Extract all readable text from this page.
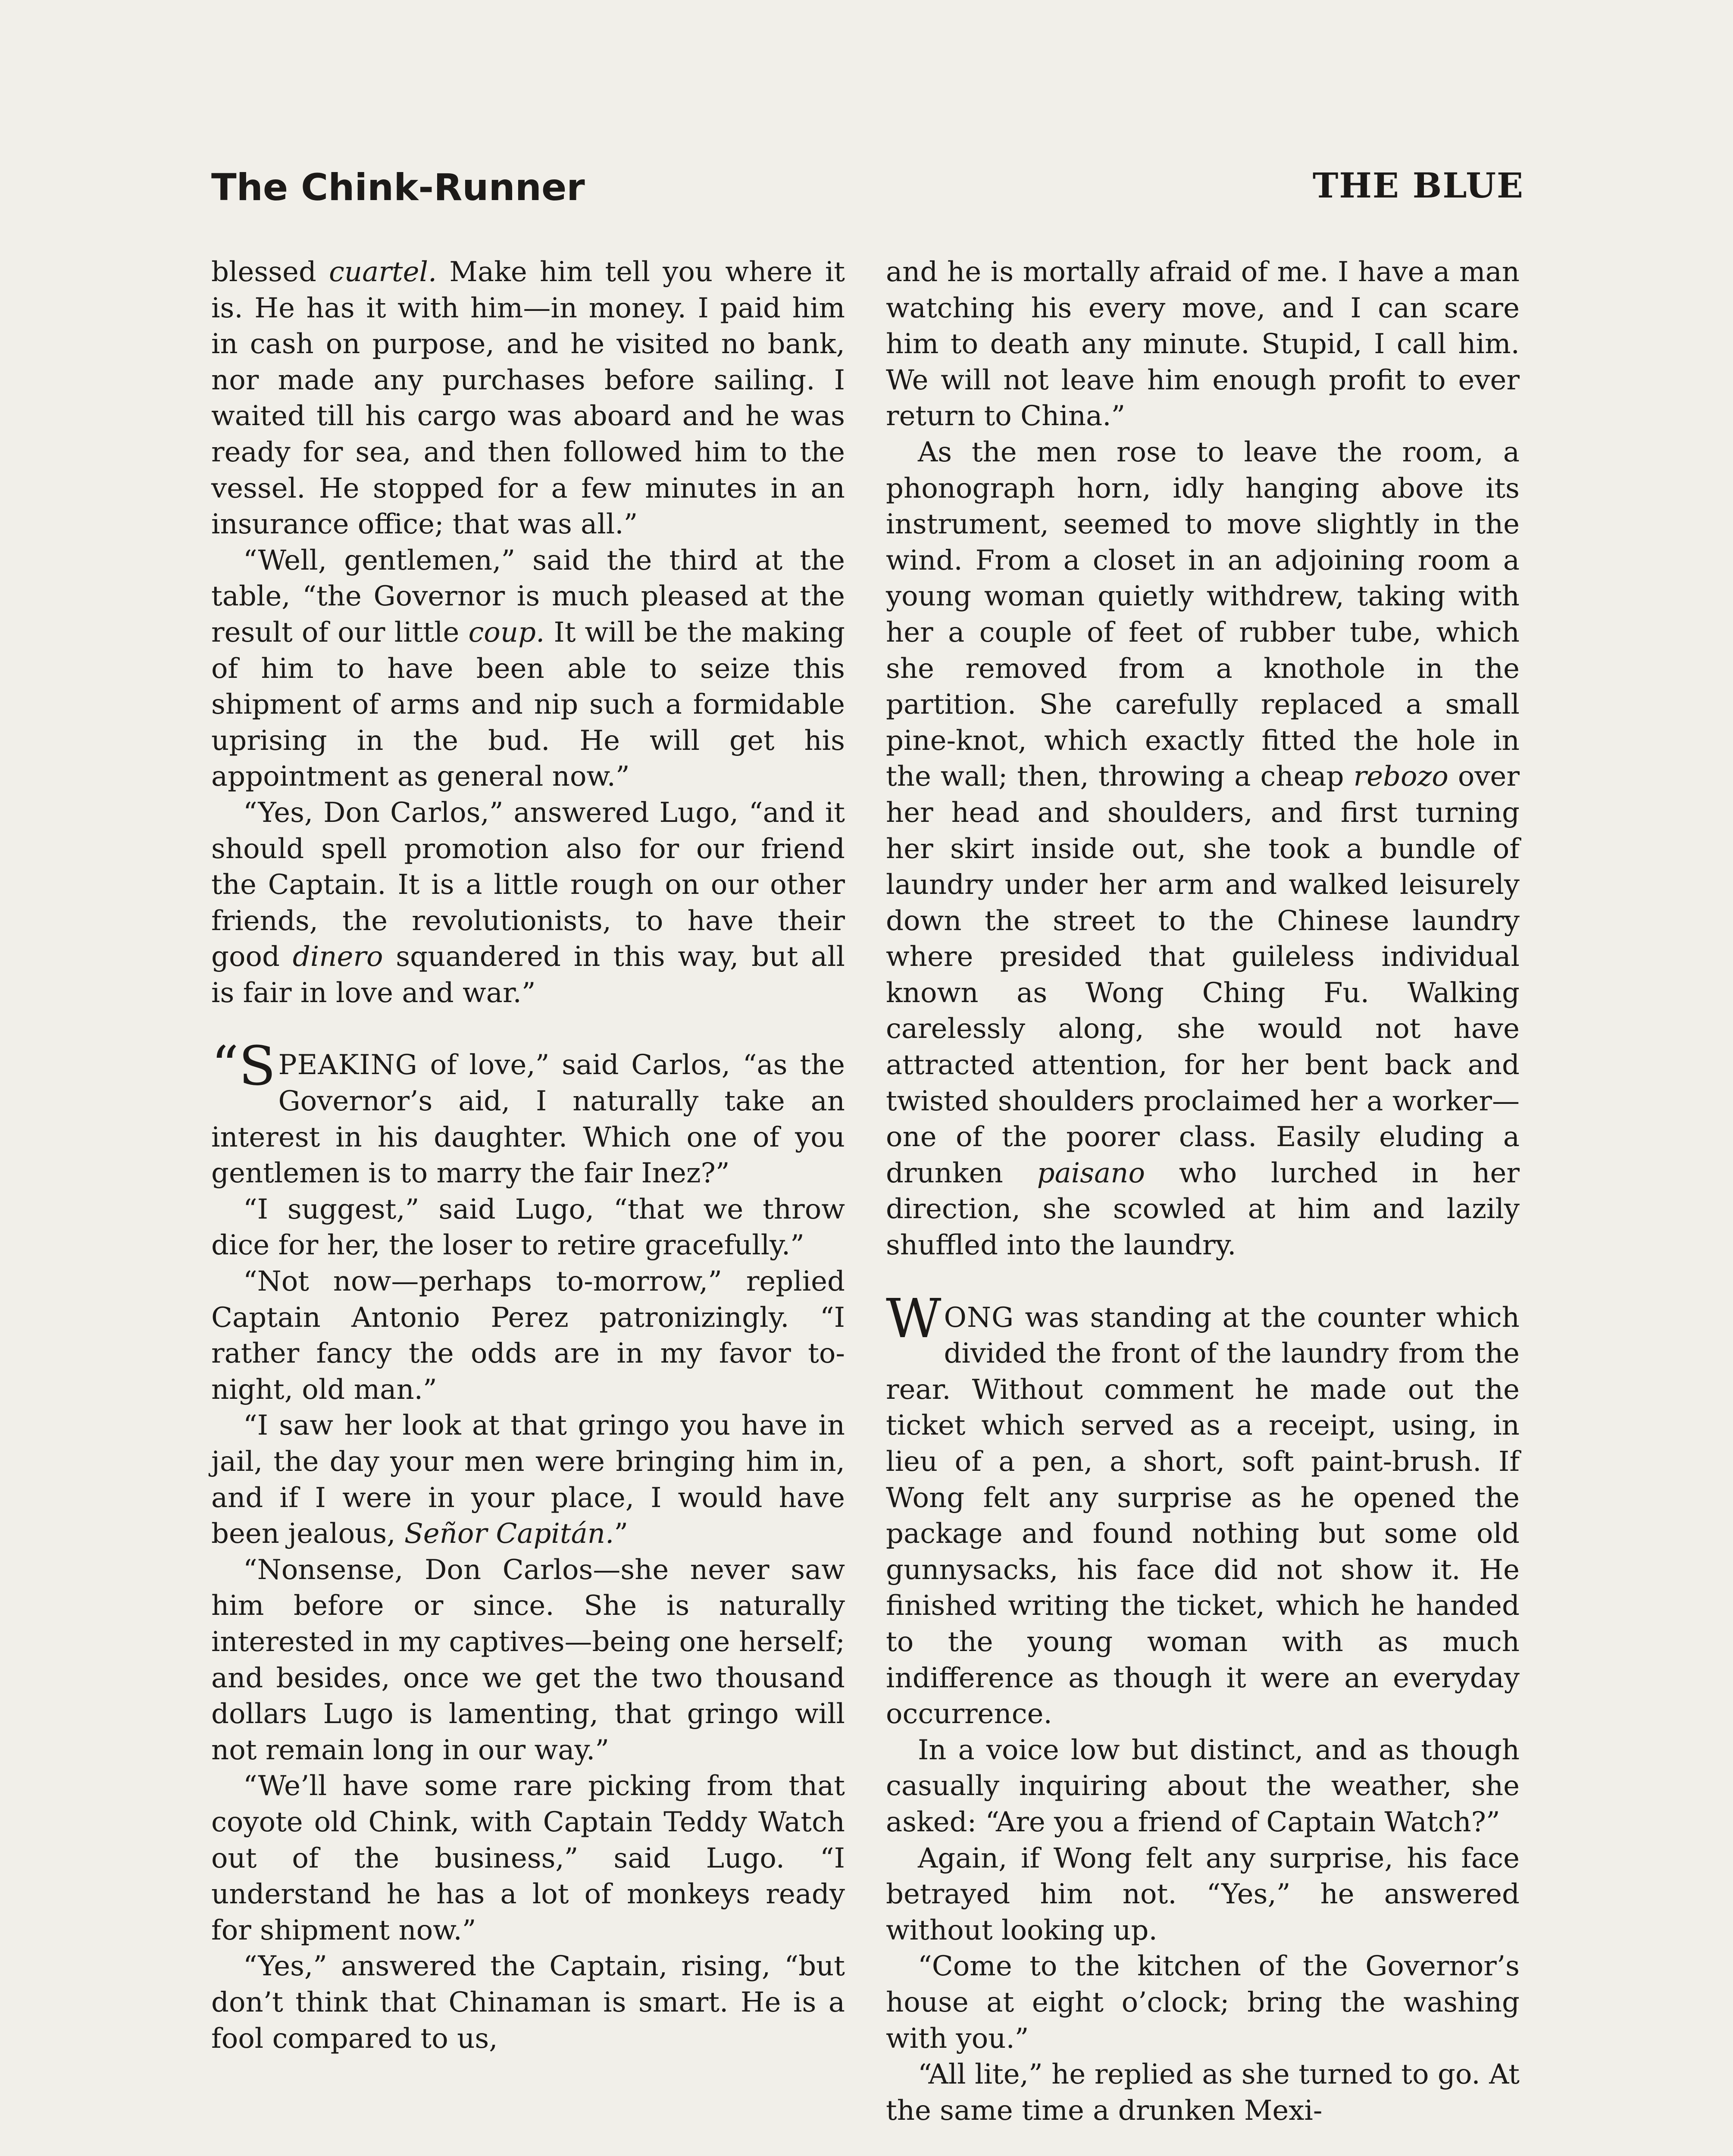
The Chink-Runner	THE BLUE

blessed cuartel. Make him tell you where it is. He has it with him—in money. I paid him in cash on purpose, and he visited no bank, nor made any purchases before sailing. I waited till his cargo was aboard and he was ready for sea, and then followed him to the vessel. He stopped for a few minutes in an insurance office; that was all.”

“Well, gentlemen,” said the third at the table, “the Governor is much pleased at the result of our little coup. It will be the making of him to have been able to seize this shipment of arms and nip such a formidable uprising in the bud. He will get his appointment as general now.”

“Yes, Don Carlos,” answered Lugo, “and it should spell promotion also for our friend the Captain. It is a little rough on our other friends, the revolutionists, to have their good dinero squandered in this way, but all is fair in love and war.”

“S PEAKING of love,” said Carlos, “as the Governor’s aid, I naturally take an interest in his daughter. Which one of you gentlemen is to marry the fair Inez?”

“I suggest,” said Lugo, “that we throw dice for her, the loser to retire gracefully.”

“Not now—perhaps to-morrow,” replied Captain Antonio Perez patronizingly. “I rather fancy the odds are in my favor to-night, old man.”

“I saw her look at that gringo you have in jail, the day your men were bringing him in, and if I were in your place, I would have been jealous, Señor Capitán.”

“Nonsense, Don Carlos—she never saw him before or since. She is naturally interested in my captives—being one herself; and besides, once we get the two thousand dollars Lugo is lamenting, that gringo will not remain long in our way.”

“We’ll have some rare picking from that coyote old Chink, with Captain Teddy Watch out of the business,” said Lugo. “I understand he has a lot of monkeys ready for shipment now.”

“Yes,” answered the Captain, rising, “but don’t think that Chinaman is smart. He is a fool compared to us,

and he is mortally afraid of me. I have a man watching his every move, and I can scare him to death any minute. Stupid, I call him. We will not leave him enough profit to ever return to China.”

As the men rose to leave the room, a phonograph horn, idly hanging above its instrument, seemed to move slightly in the wind. From a closet in an adjoining room a young woman quietly withdrew, taking with her a couple of feet of rubber tube, which she removed from a knothole in the partition. She carefully replaced a small pine-knot, which exactly fitted the hole in the wall; then, throwing a cheap rebozo over her head and shoulders, and first turning her skirt inside out, she took a bundle of laundry under her arm and walked leisurely down the street to the Chinese laundry where presided that guileless individual known as Wong Ching Fu. Walking carelessly along, she would not have attracted attention, for her bent back and twisted shoulders proclaimed her a worker—one of the poorer class. Easily eluding a drunken paisano who lurched in her direction, she scowled at him and lazily shuffled into the laundry.

WONG was standing at the counter which divided the front of the laundry from the rear. Without comment he made out the ticket which served as a receipt, using, in lieu of a pen, a short, soft paint-brush. If Wong felt any surprise as he opened the package and found nothing but some old gunnysacks, his face did not show it. He finished writing the ticket, which he handed to the young woman with as much indifference as though it were an everyday occurrence.

In a voice low but distinct, and as though casually inquiring about the weather, she asked: “Are you a friend of Captain Watch?”

Again, if Wong felt any surprise, his face betrayed him not. “Yes,” he answered without looking up.

“Come to the kitchen of the Governor’s house at eight o’clock; bring the washing with you.”

“All lite,” he replied as she turned to go. At the same time a drunken Mexi-
